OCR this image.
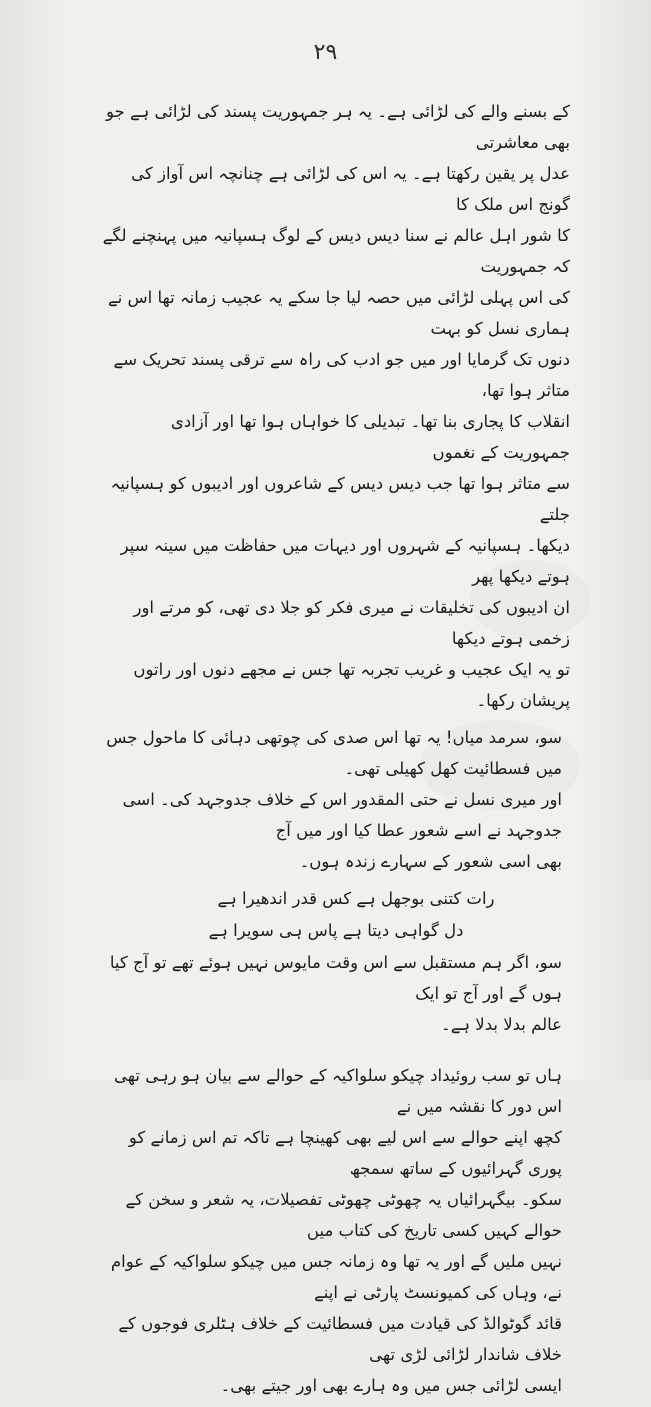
۲۹

کے بسنے والے کی لڑائی ہے۔ یہ ہر جمہوریت پسند کی لڑائی ہے جو بھی معاشرتی
عدل پر یقین رکھتا ہے۔ یہ اس کی لڑائی ہے چنانچہ اس آواز کی گونج اس ملک کا
کا شور اہل عالم نے سنا دیس دیس کے لوگ ہسپانیہ میں پہنچنے لگے کہ جمہوریت
کی اس پہلی لڑائی میں حصہ لیا جا سکے یہ عجیب زمانہ تھا اس نے ہماری نسل کو بہت
دنوں تک گرمایا اور میں جو ادب کی راہ سے ترقی پسند تحریک سے متاثر ہوا تھا،
انقلاب کا پجاری بنا تھا۔ تبدیلی کا خواہاں ہوا تھا اور آزادی جمہوریت کے نغموں
سے متاثر ہوا تھا جب دیس دیس کے شاعروں اور ادیبوں کو ہسپانیہ جلتے
دیکھا۔ ہسپانیہ کے شہروں اور دیہات میں حفاظت میں سینہ سپر ہوتے دیکھا پھر
ان ادیبوں کی تخلیقات نے میری فکر کو جلا دی تھی، کو مرتے اور زخمی ہوتے دیکھا
تو یہ ایک عجیب و غریب تجربہ تھا جس نے مجھے دنوں اور راتوں پریشان رکھا۔

سو، سرمد میاں! یہ تھا اس صدی کی چوتھی دہائی کا ماحول جس میں فسطائیت کھل کھیلی تھی۔
اور میری نسل نے حتی المقدور اس کے خلاف جدوجہد کی۔ اسی جدوجہد نے اسے شعور عطا کیا اور میں آج
بھی اسی شعور کے سہارے زندہ ہوں۔

رات کتنی بوجھل ہے کس قدر اندھیرا ہے

دل گواہی دیتا ہے پاس ہی سویرا ہے

سو، اگر ہم مستقبل سے اس وقت مایوس نہیں ہوئے تھے تو آج کیا ہوں گے اور آج تو ایک
عالم بدلا بدلا ہے۔

ہاں تو سب روئیداد چیکو سلواکیہ کے حوالے سے بیان ہو رہی تھی اس دور کا نقشہ میں نے
کچھ اپنے حوالے سے اس لیے بھی کھینچا ہے تاکہ تم اس زمانے کو پوری گہرائیوں کے ساتھ سمجھ
سکو۔ بیگہرائیاں یہ چھوٹی چھوٹی تفصیلات، یہ شعر و سخن کے حوالے کہیں کسی تاریخ کی کتاب میں
نہیں ملیں گے اور یہ تھا وہ زمانہ جس میں چیکو سلواکیہ کے عوام نے، وہاں کی کمیونسٹ پارٹی نے اپنے
قائد گوٹوالڈ کی قیادت میں فسطائیت کے خلاف ہٹلری فوجوں کے خلاف شاندار لڑائی لڑی تھی
ایسی لڑائی جس میں وہ ہارے بھی اور جیتے بھی۔
